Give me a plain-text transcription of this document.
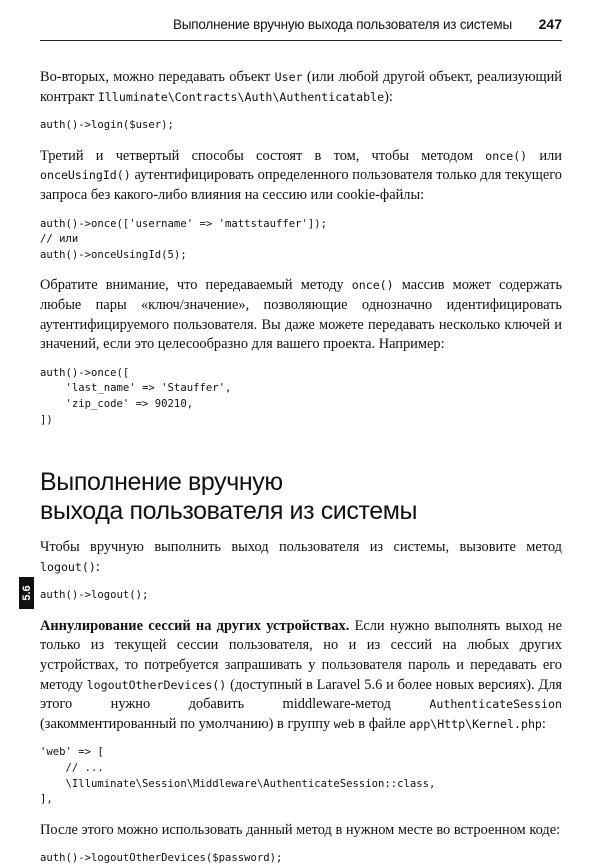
Выполнение вручную выхода пользователя из системы 247
5.6

Во-вторых, можно передавать объект User (или любой другой объект, реализующий контракт Illuminate\Contracts\Auth\Authenticatable):

auth()->login($user);

Третий и четвертый способы состоят в том, чтобы методом once() или onceUsingId() аутентифицировать определенного пользователя только для текущего запроса без какого-либо влияния на сессию или cookie-файлы:

auth()->once(['username' => 'mattstauffer']);
// или
auth()->onceUsingId(5);

Обратите внимание, что передаваемый методу once() массив может содержать любые пары «ключ/значение», позволяющие однозначно идентифицировать аутентифицируемого пользователя. Вы даже можете передавать несколько ключей и значений, если это целесообразно для вашего проекта. Например:

auth()->once([
'last_name' => 'Stauffer',
'zip_code' => 90210,
])
Выполнение вручную
выхода пользователя из системы

Чтобы вручную выполнить выход пользователя из системы, вызовите метод logout():

auth()->logout();

Аннулирование сессий на других устройствах. Если нужно выполнять выход не только из текущей сессии пользователя, но и из сессий на любых других устройствах, то потребуется запрашивать у пользователя пароль и передавать его методу logoutOtherDevices() (доступный в Laravel 5.6 и более новых версиях). Для этого нужно добавить middleware-метод AuthenticateSession (закомментированный по умолчанию) в группу web в файле app\Http\Kernel.php:

'web' => [
// ...
\Illuminate\Session\Middleware\AuthenticateSession::class,
],

После этого можно использовать данный метод в нужном месте во встроенном коде:

auth()->logoutOtherDevices($password);
